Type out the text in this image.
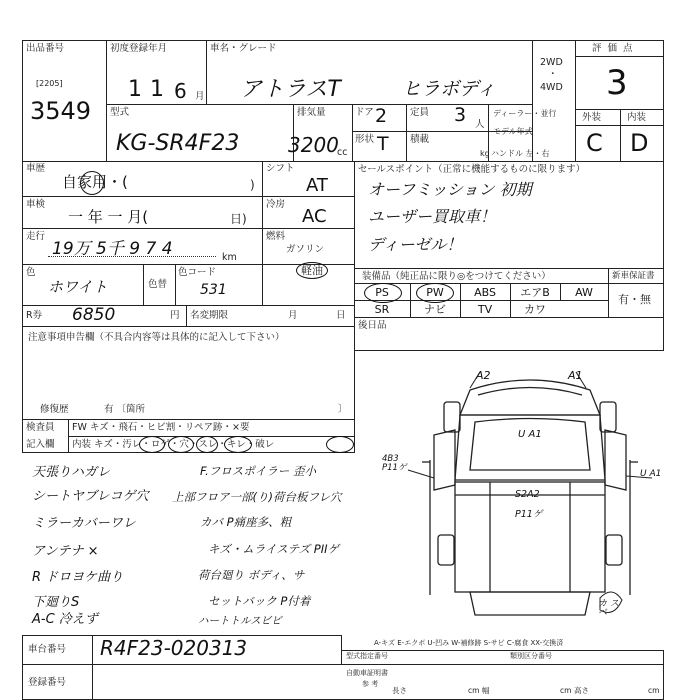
出品番号
[2205]
3549
初度登録年月
11 6 月
車名・グレード
アトラスT	ヒラボディ
2WD
・
4WD
評価点
3
外装	内装
C D
型式
KG-SR4F23
排気量
3200
cc
ドア 2 定員 3 人
形状 T 積載
kg
ディーラー・並行
モデル年式
ハンドル 左・右
車歴
自家用・(	)
車検
一 年 一 月(	日)
走行
19万 5千 9 7 4	km
色
ホワイト	色替
色コード
531
シフト
AT
冷房
AC
燃料
ガソリン
軽油
セールスポイント（正常に機能するものに限ります）
オーフミッション 初期
ユーザー買取車！
ディーゼル！
装備品（純正品に限り◎をつけてください）	新車保証書
PS	PW	ABS	エアB	AW
SR	ナビ	TV	カワ
有・無
後日品
R券 6850	円 名変期限	月	日
注意事項申告欄（不具合内容等は具体的に記入して下さい）
修復歴	有 〔箇所	〕
検査員
記入欄
FW キズ・飛石・ヒビ割・リペア跡・×要
内装 キズ・汚レ・ロゲ・穴・スレ・キレ・破レ
天張りハガレ
シートヤブレコゲ穴
ミラーカバーワレ
アンテナ ×
R ドロヨケ曲り
下廻りS
A-C 冷えず
F.フロスポイラー 歪小
上部フロア一部(り)荷台板フレ穴
カバ P痛座多、粗
キズ・ムライステズ PIIゲ
荷台廻り ボディ、サ
セットバック P付着
ハートトルスビビ
A2	A1
U A1
4B3 P11ゲ
S2A2
P11ゲ
U A1
カ スベ
車台番号 R4F23-020313	A-キズ E-エクボ U-凹み W-補修跡 S-サビ C-腐食 XX-交換済
型式指定番号	類別区分番号
登録番号
自動車証明書
参 考
長さ	cm 幅	cm 高さ	cm
